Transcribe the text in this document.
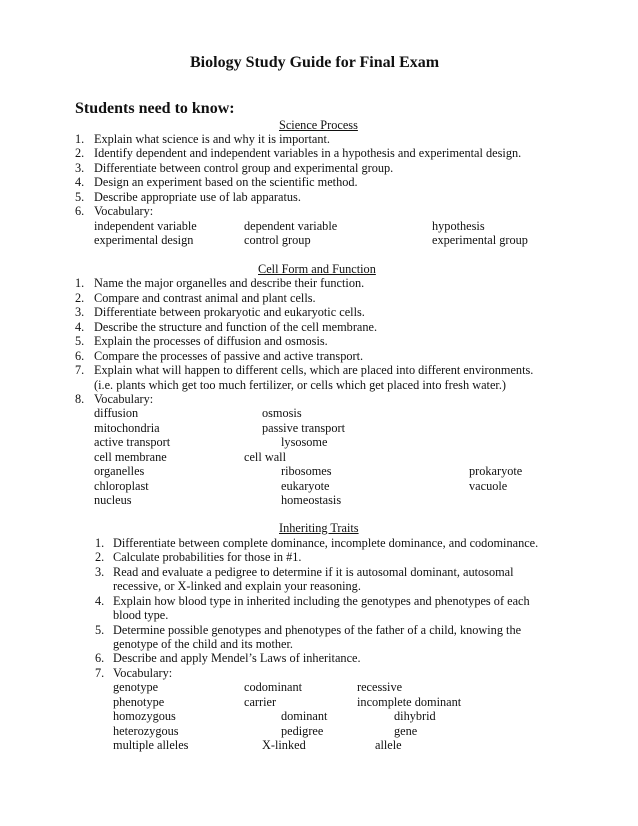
Biology Study Guide for Final Exam
Students need to know:
Science Process
1. Explain what science is and why it is important.
2. Identify dependent and independent variables in a hypothesis and experimental design.
3. Differentiate between control group and experimental group.
4. Design an experiment based on the scientific method.
5. Describe appropriate use of lab apparatus.
6. Vocabulary:
independent variable	dependent variable	hypothesis
experimental design	control group	experimental group
Cell Form and Function
1. Name the major organelles and describe their function.
2. Compare and contrast animal and plant cells.
3. Differentiate between prokaryotic and eukaryotic cells.
4. Describe the structure and function of the cell membrane.
5. Explain the processes of diffusion and osmosis.
6. Compare the processes of passive and active transport.
7. Explain what will happen to different cells, which are placed into different environments.
(i.e. plants which get too much fertilizer, or cells which get placed into fresh water.)
8. Vocabulary:
diffusion	osmosis
mitochondria	passive transport
active transport	lysosome
cell membrane	cell wall
organelles	ribosomes	prokaryote
chloroplast	eukaryote	vacuole
nucleus	homeostasis
Inheriting Traits
1. Differentiate between complete dominance, incomplete dominance, and codominance.
2. Calculate probabilities for those in #1.
3. Read and evaluate a pedigree to determine if it is autosomal dominant, autosomal
recessive, or X-linked and explain your reasoning.
4. Explain how blood type in inherited including the genotypes and phenotypes of each
blood type.
5. Determine possible genotypes and phenotypes of the father of a child, knowing the
genotype of the child and its mother.
6. Describe and apply Mendel’s Laws of inheritance.
7. Vocabulary:
genotype	codominant	recessive
phenotype	carrier	incomplete dominant
homozygous	dominant	dihybrid
heterozygous	pedigree	gene
multiple alleles	X-linked	allele
